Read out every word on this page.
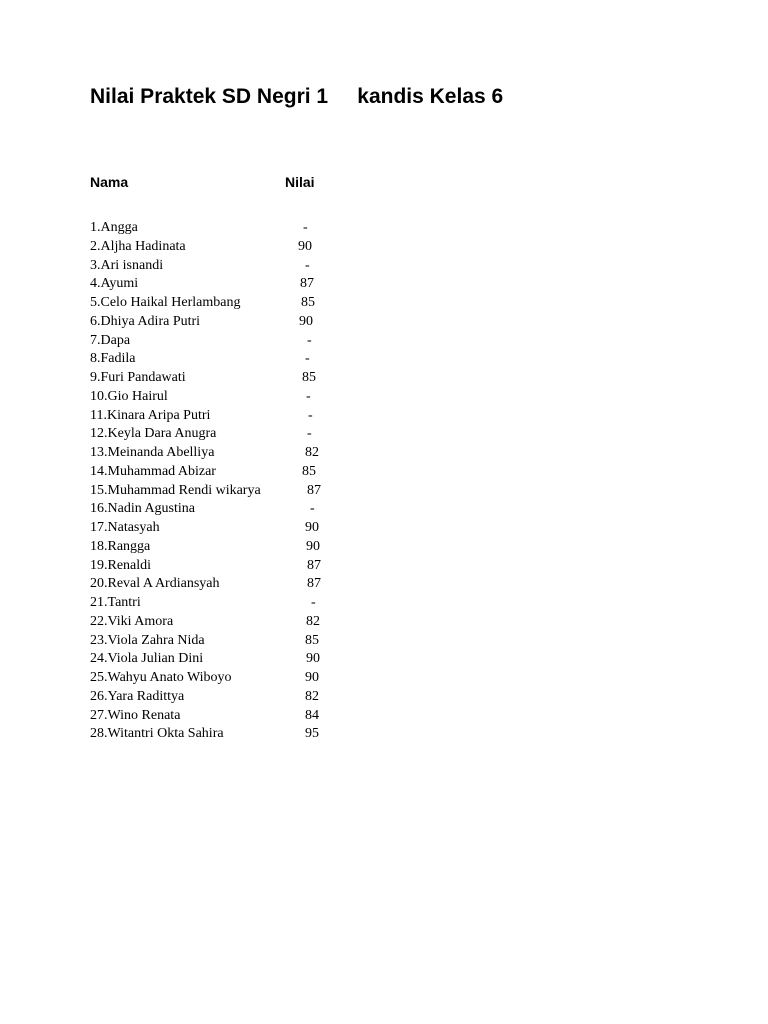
Nilai Praktek SD Negri 1     kandis Kelas 6
Nama	Nilai
1.Angga	-
2.Aljha Hadinata	90
3.Ari isnandi	-
4.Ayumi	87
5.Celo Haikal Herlambang	85
6.Dhiya Adira Putri	90
7.Dapa	-
8.Fadila	-
9.Furi Pandawati	85
10.Gio Hairul	-
11.Kinara Aripa Putri	-
12.Keyla Dara Anugra	-
13.Meinanda Abelliya	82
14.Muhammad Abizar	85
15.Muhammad Rendi wikarya	87
16.Nadin Agustina	-
17.Natasyah	90
18.Rangga	90
19.Renaldi	87
20.Reval A Ardiansyah	87
21.Tantri	-
22.Viki Amora	82
23.Viola Zahra Nida	85
24.Viola Julian Dini	90
25.Wahyu Anato Wiboyo	90
26.Yara Radittya	82
27.Wino Renata	84
28.Witantri Okta Sahira	95
